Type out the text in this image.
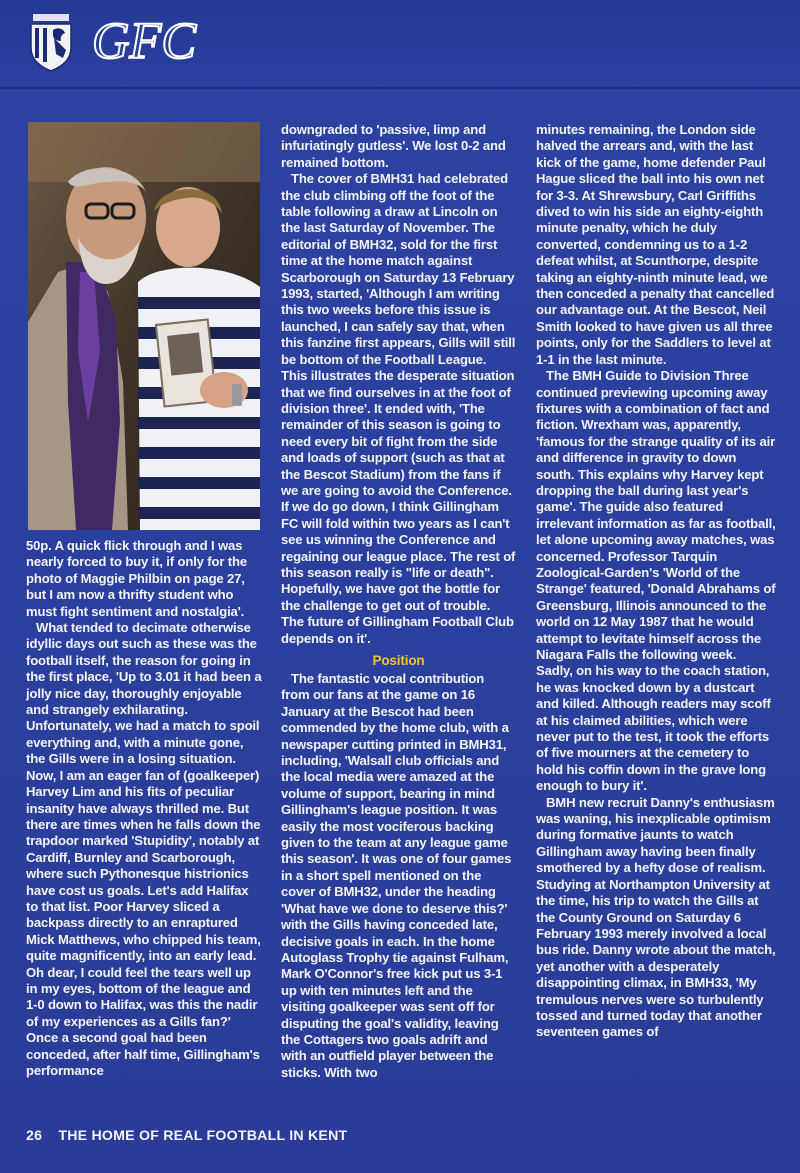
GFC

50p. A quick flick through and I was nearly forced to buy it, if only for the photo of Maggie Philbin on page 27, but I am now a thrifty student who must fight sentiment and nostalgia'.

What tended to decimate otherwise idyllic days out such as these was the football itself, the reason for going in the first place, 'Up to 3.01 it had been a jolly nice day, thoroughly enjoyable and strangely exhilarating. Unfortunately, we had a match to spoil everything and, with a minute gone, the Gills were in a losing situation. Now, I am an eager fan of (goalkeeper) Harvey Lim and his fits of peculiar insanity have always thrilled me. But there are times when he falls down the trapdoor marked 'Stupidity', notably at Cardiff, Burnley and Scarborough, where such Pythonesque histrionics have cost us goals. Let's add Halifax to that list. Poor Harvey sliced a backpass directly to an enraptured Mick Matthews, who chipped his team, quite magnificently, into an early lead. Oh dear, I could feel the tears well up in my eyes, bottom of the league and 1-0 down to Halifax, was this the nadir of my experiences as a Gills fan?' Once a second goal had been conceded, after half time, Gillingham's performance

downgraded to 'passive, limp and infuriatingly gutless'. We lost 0-2 and remained bottom.

The cover of BMH31 had celebrated the club climbing off the foot of the table following a draw at Lincoln on the last Saturday of November. The editorial of BMH32, sold for the first time at the home match against Scarborough on Saturday 13 February 1993, started, 'Although I am writing this two weeks before this issue is launched, I can safely say that, when this fanzine first appears, Gills will still be bottom of the Football League. This illustrates the desperate situation that we find ourselves in at the foot of division three'. It ended with, 'The remainder of this season is going to need every bit of fight from the side and loads of support (such as that at the Bescot Stadium) from the fans if we are going to avoid the Conference. If we do go down, I think Gillingham FC will fold within two years as I can't see us winning the Conference and regaining our league place. The rest of this season really is "life or death". Hopefully, we have got the bottle for the challenge to get out of trouble. The future of Gillingham Football Club depends on it'.

Position

The fantastic vocal contribution from our fans at the game on 16 January at the Bescot had been commended by the home club, with a newspaper cutting printed in BMH31, including, 'Walsall club officials and the local media were amazed at the volume of support, bearing in mind Gillingham's league position. It was easily the most vociferous backing given to the team at any league game this season'. It was one of four games in a short spell mentioned on the cover of BMH32, under the heading 'What have we done to deserve this?' with the Gills having conceded late, decisive goals in each. In the home Autoglass Trophy tie against Fulham, Mark O'Connor's free kick put us 3-1 up with ten minutes left and the visiting goalkeeper was sent off for disputing the goal's validity, leaving the Cottagers two goals adrift and with an outfield player between the sticks. With two

minutes remaining, the London side halved the arrears and, with the last kick of the game, home defender Paul Hague sliced the ball into his own net for 3-3. At Shrewsbury, Carl Griffiths dived to win his side an eighty-eighth minute penalty, which he duly converted, condemning us to a 1-2 defeat whilst, at Scunthorpe, despite taking an eighty-ninth minute lead, we then conceded a penalty that cancelled our advantage out. At the Bescot, Neil Smith looked to have given us all three points, only for the Saddlers to level at 1-1 in the last minute.

The BMH Guide to Division Three continued previewing upcoming away fixtures with a combination of fact and fiction. Wrexham was, apparently, 'famous for the strange quality of its air and difference in gravity to down south. This explains why Harvey kept dropping the ball during last year's game'. The guide also featured irrelevant information as far as football, let alone upcoming away matches, was concerned. Professor Tarquin Zoological-Garden's 'World of the Strange' featured, 'Donald Abrahams of Greensburg, Illinois announced to the world on 12 May 1987 that he would attempt to levitate himself across the Niagara Falls the following week. Sadly, on his way to the coach station, he was knocked down by a dustcart and killed. Although readers may scoff at his claimed abilities, which were never put to the test, it took the efforts of five mourners at the cemetery to hold his coffin down in the grave long enough to bury it'.

BMH new recruit Danny's enthusiasm was waning, his inexplicable optimism during formative jaunts to watch Gillingham away having been finally smothered by a hefty dose of realism. Studying at Northampton University at the time, his trip to watch the Gills at the County Ground on Saturday 6 February 1993 merely involved a local bus ride. Danny wrote about the match, yet another with a desperately disappointing climax, in BMH33, 'My tremulous nerves were so turbulently tossed and turned today that another seventeen games of

26 THE HOME OF REAL FOOTBALL IN KENT
